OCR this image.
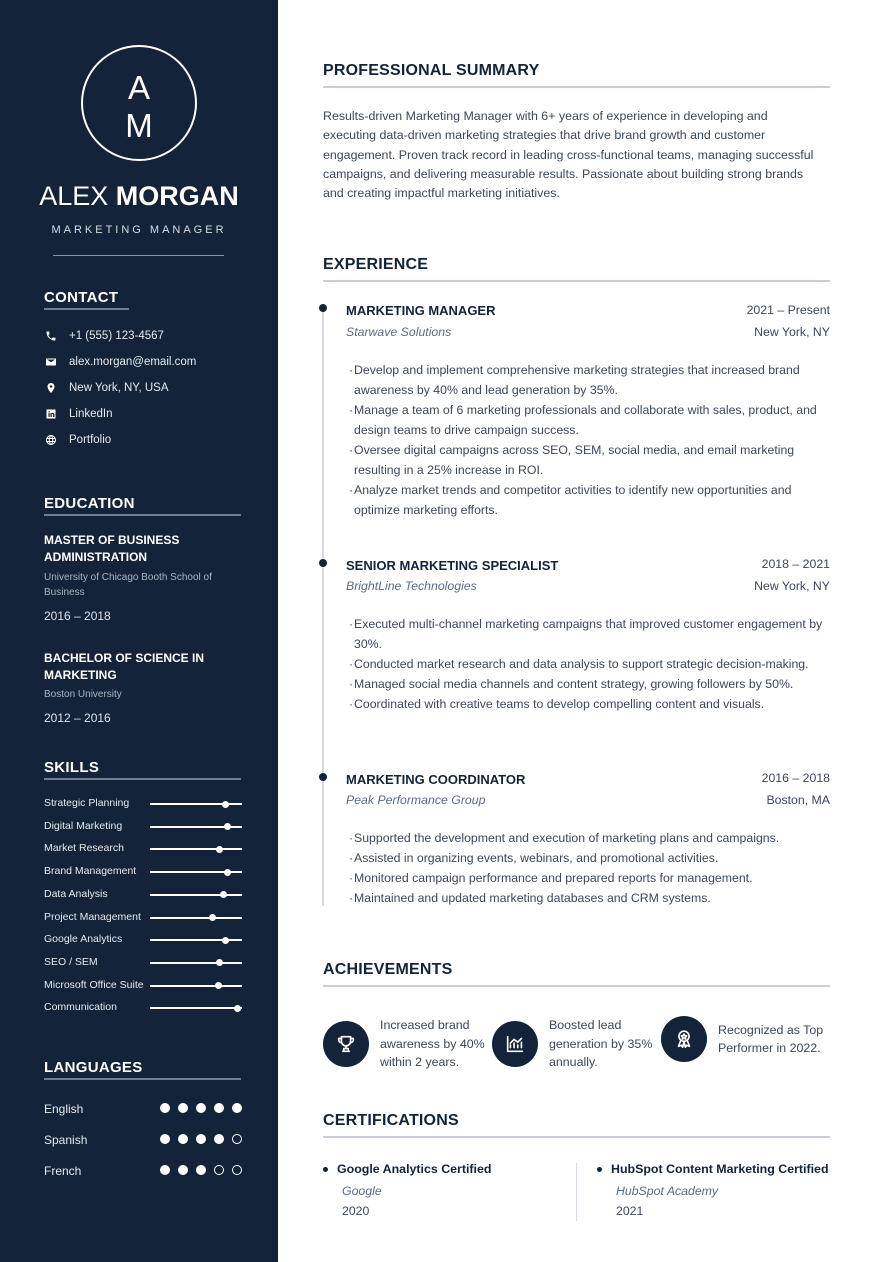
A
M
ALEX MORGAN
MARKETING MANAGER
CONTACT
+1 (555) 123-4567
alex.morgan@email.com
New York, NY, USA
LinkedIn
Portfolio
EDUCATION
MASTER OF BUSINESS ADMINISTRATION
University of Chicago Booth School of Business
2016 – 2018
BACHELOR OF SCIENCE IN MARKETING
Boston University
2012 – 2016
SKILLS
Strategic Planning
Digital Marketing
Market Research
Brand Management
Data Analysis
Project Management
Google Analytics
SEO / SEM
Microsoft Office Suite
Communication
LANGUAGES
English
Spanish
French
PROFESSIONAL SUMMARY

Results-driven Marketing Manager with 6+ years of experience in developing and executing data-driven marketing strategies that drive brand growth and customer engagement. Proven track record in leading cross-functional teams, managing successful campaigns, and delivering measurable results. Passionate about building strong brands and creating impactful marketing initiatives.

EXPERIENCE
MARKETING MANAGER	2021 – Present
Starwave Solutions	New York, NY
· Develop and implement comprehensive marketing strategies that increased brand awareness by 40% and lead generation by 35%.
· Manage a team of 6 marketing professionals and collaborate with sales, product, and design teams to drive campaign success.
· Oversee digital campaigns across SEO, SEM, social media, and email marketing resulting in a 25% increase in ROI.
· Analyze market trends and competitor activities to identify new opportunities and optimize marketing efforts.
SENIOR MARKETING SPECIALIST	2018 – 2021
BrightLine Technologies	New York, NY
· Executed multi-channel marketing campaigns that improved customer engagement by 30%.
· Conducted market research and data analysis to support strategic decision-making.
· Managed social media channels and content strategy, growing followers by 50%.
· Coordinated with creative teams to develop compelling content and visuals.
MARKETING COORDINATOR	2016 – 2018
Peak Performance Group	Boston, MA
· Supported the development and execution of marketing plans and campaigns.
· Assisted in organizing events, webinars, and promotional activities.
· Monitored campaign performance and prepared reports for management.
· Maintained and updated marketing databases and CRM systems.
ACHIEVEMENTS
Increased brand
awareness by 40%
within 2 years.
Boosted lead
generation by 35%
annually.
Recognized as Top
Performer in 2022.
CERTIFICATIONS
Google Analytics Certified
Google
2020
HubSpot Content Marketing Certified
HubSpot Academy
2021
